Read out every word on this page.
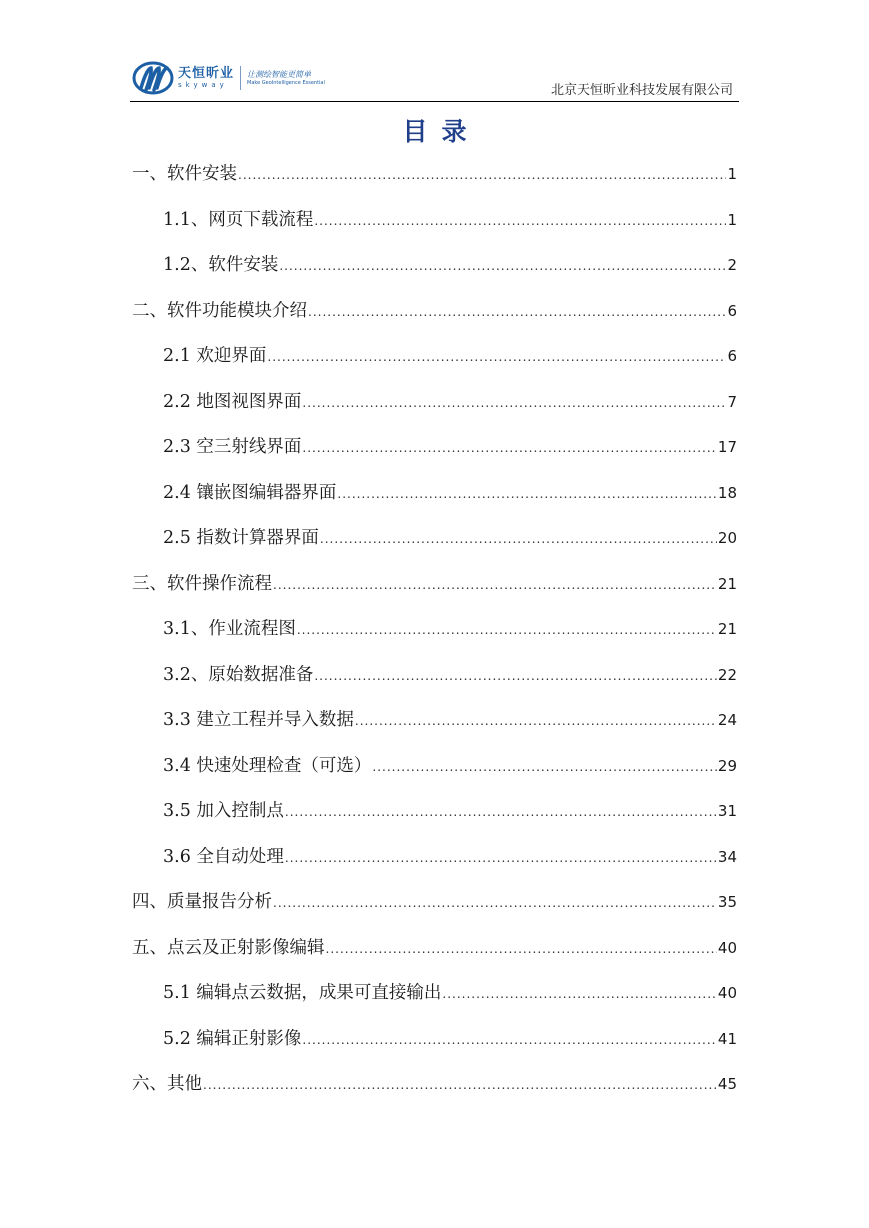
天恒昕业
skyway
让测绘智能更简单
Make GeoIntelligence Essential	北京天恒昕业科技发展有限公司
目录
一、软件安装 .....	1
1.1、网页下载流程 .....	1
1.2、软件安装 .....	2
二、软件功能模块介绍 .....	6
2.1 欢迎界面 .....	6
2.2 地图视图界面 .....	7
2.3 空三射线界面 .....	17
2.4 镶嵌图编辑器界面 .....	18
2.5 指数计算器界面 .....	20
三、软件操作流程 .....	21
3.1、作业流程图 .....	21
3.2、原始数据准备 .....	22
3.3 建立工程并导入数据 .....	24
3.4 快速处理检查（可选） .....	29
3.5 加入控制点 .....	31
3.6 全自动处理 .....	34
四、质量报告分析 .....	35
五、点云及正射影像编辑 .....	40
5.1 编辑点云数据，成果可直接输出 .....	40
5.2 编辑正射影像 .....	41
六、其他 .....	45
